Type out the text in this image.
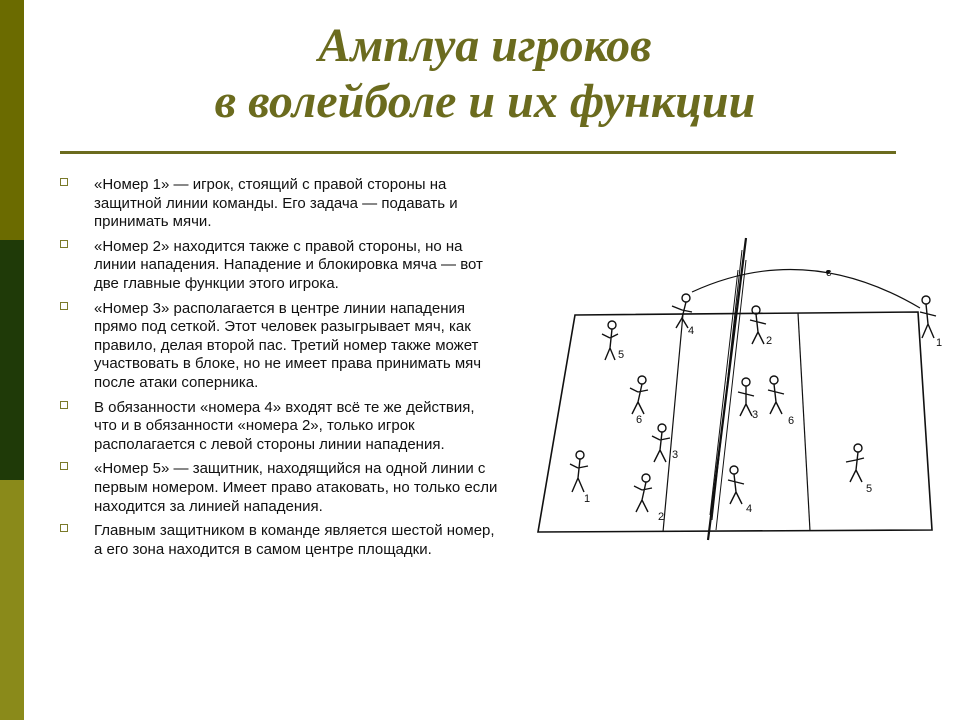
Амплуа игроков
в волейболе и их функции
«Номер 1» — игрок, стоящий с правой стороны на защитной линии команды. Его задача — подавать и принимать мячи.
«Номер 2» находится также с правой стороны, но на линии нападения. Нападение и блокировка мяча — вот две главные функции этого игрока.
«Номер 3» располагается в центре линии нападения прямо под сеткой. Этот человек разыгрывает мяч, как правило, делая второй пас. Третий номер также может участвовать в блоке, но не имеет права принимать мяч после атаки соперника.
В обязанности «номера 4» входят всё те же действия, что и в обязанности «номера 2», только игрок располагается с левой стороны линии нападения.
«Номер 5» — защитник, находящийся на одной линии с первым номером. Имеет право атаковать, но только если находится за линией нападения.
Главным защитником в команде является шестой номер, а его зона находится в самом центре площадки.
c
5
4
6
3
1
2
2	1
3	6
4
5
